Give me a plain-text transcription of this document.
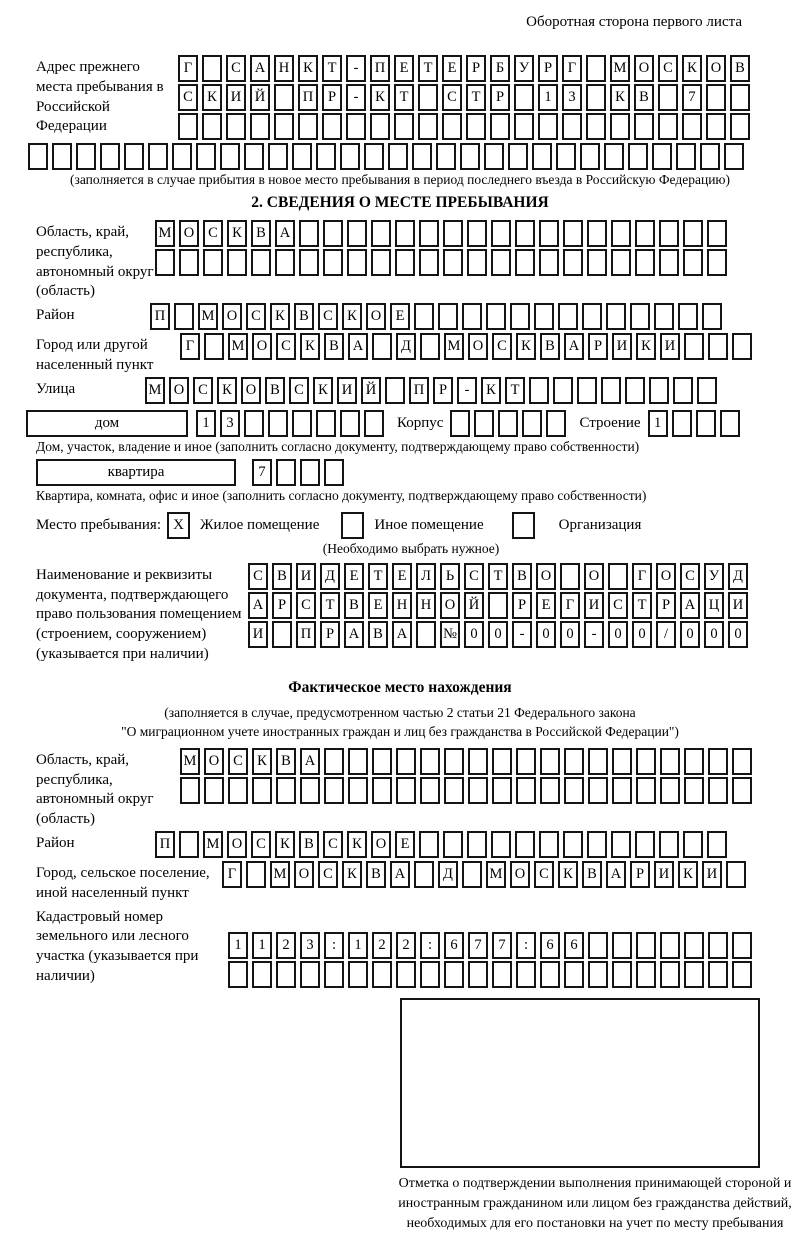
Оборотная сторона первого листа
Адрес прежнего места пребывания в Российской Федерации
Г	С А Н К	Т	-	П Е	Т	Е	Р	Б	У	Р	Г	М О С К О В
С К И Й	П	Р	-	К	Т	С	Т	Р	1	3	К В	7
(заполняется в случае прибытия в новое место пребывания в период последнего въезда в Российскую Федерацию)
2. СВЕДЕНИЯ О МЕСТЕ ПРЕБЫВАНИЯ
Область, край, республика, автономный округ (область)
М О С К В А
Район	П	М О С К В С К О Е
Город или другой населенный пункт
Г	М О С К В А	Д	М О С К В А	Р	И К И
Улица	М О С К О В С К И Й	П	Р	-	К	Т
дом	1	3	Корпус	Строение 1
Дом, участок, владение и иное (заполнить согласно документу, подтверждающему право собственности)
квартира	7
Квартира, комната, офис и иное (заполнить согласно документу, подтверждающему право собственности)
Место пребывания: X	Жилое помещение	Иное помещение	Организация
(Необходимо выбрать нужное)
Наименование и реквизиты документа, подтверждающего право пользования помещением (строением, сооружением) (указывается при наличии)
С В И Д	Е	Т	Е	Л	Ь	С	Т	В О	О	Г	О С У Д
А	Р	С	Т	В	Е Н Н О Й	Р	Е	Г	И С	Т	Р	А Ц И
И	П	Р	А В А	№ 0	0	-	0	0	-	0	0	/	0	0	0
Фактическое место нахождения
(заполняется в случае, предусмотренном частью 2 статьи 21 Федерального закона
"О миграционном учете иностранных граждан и лиц без гражданства в Российской Федерации")
Область, край, республика, автономный округ (область)
М О С К В А
Район	П	М О С К В С К О Е
Город, сельское поселение, иной населенный пункт
Г	М О С К В А	Д	М О С К В А	Р	И К И
Кадастровый номер земельного или лесного участка (указывается при наличии)
1	1	2	3	:	1	2	2	:	6	7	7	:	6	6
Отметка о подтверждении выполнения принимающей стороной и иностранным гражданином или лицом без гражданства действий, необходимых для его постановки на учет по месту пребывания
